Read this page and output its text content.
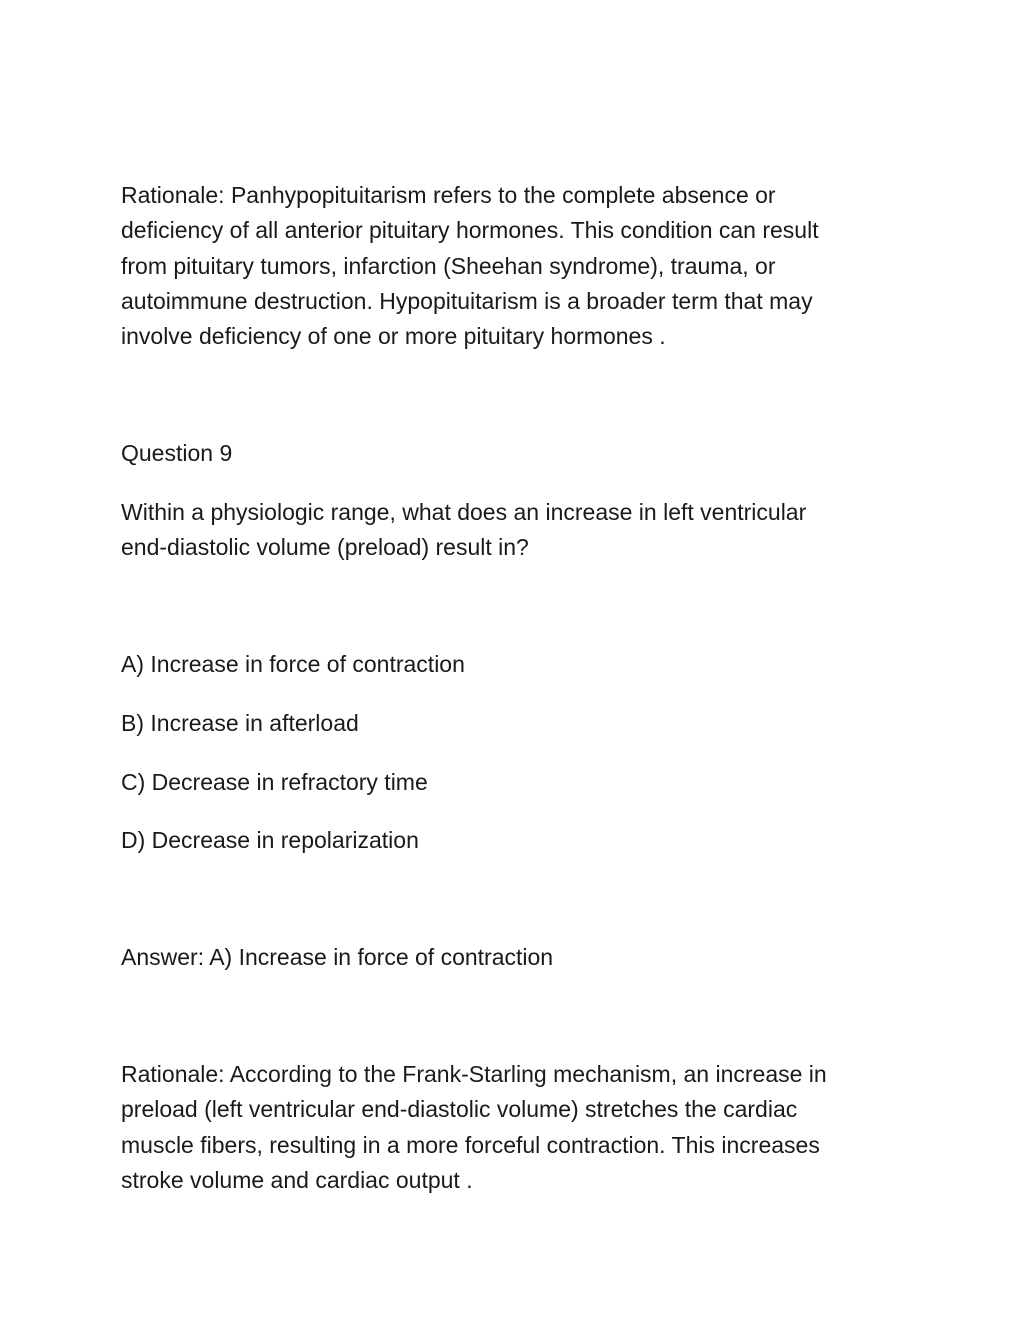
Rationale: Panhypopituitarism refers to the complete absence or
deficiency of all anterior pituitary hormones. This condition can result
from pituitary tumors, infarction (Sheehan syndrome), trauma, or
autoimmune destruction. Hypopituitarism is a broader term that may
involve deficiency of one or more pituitary hormones .

Question 9

Within a physiologic range, what does an increase in left ventricular
end-diastolic volume (preload) result in?

A) Increase in force of contraction

B) Increase in afterload

C) Decrease in refractory time

D) Decrease in repolarization

Answer: A) Increase in force of contraction

Rationale: According to the Frank-Starling mechanism, an increase in
preload (left ventricular end-diastolic volume) stretches the cardiac
muscle fibers, resulting in a more forceful contraction. This increases
stroke volume and cardiac output .
